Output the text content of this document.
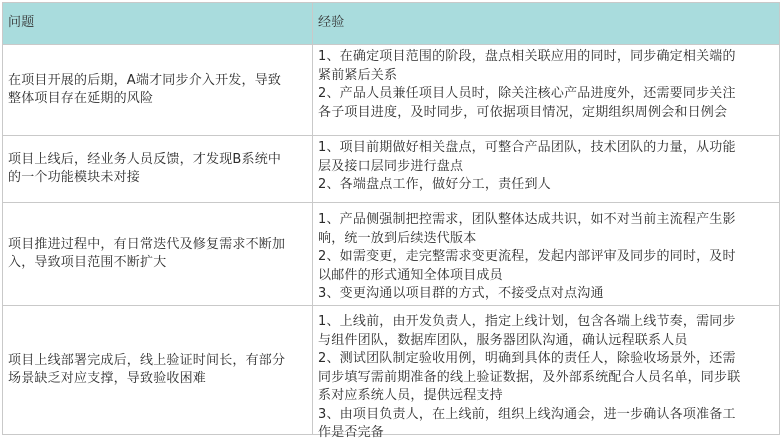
问题	经验
在项目开展的后期，A端才同步介入开发，导致
整体项目存在延期的风险
1、在确定项目范围的阶段，盘点相关联应用的同时，同步确定相关端的
紧前紧后关系
2、产品人员兼任项目人员时，除关注核心产品进度外，还需要同步关注
各子项目进度，及时同步，可依据项目情况，定期组织周例会和日例会
项目上线后，经业务人员反馈，才发现B系统中
的一个功能模块未对接
1、项目前期做好相关盘点，可整合产品团队，技术团队的力量，从功能
层及接口层同步进行盘点
2、各端盘点工作，做好分工，责任到人
项目推进过程中，有日常迭代及修复需求不断加
入，导致项目范围不断扩大
1、产品侧强制把控需求，团队整体达成共识，如不对当前主流程产生影
响，统一放到后续迭代版本
2、如需变更，走完整需求变更流程，发起内部评审及同步的同时，及时
以邮件的形式通知全体项目成员
3、变更沟通以项目群的方式，不接受点对点沟通
项目上线部署完成后，线上验证时间长，有部分
场景缺乏对应支撑，导致验收困难
1、上线前，由开发负责人，指定上线计划，包含各端上线节奏，需同步
与组件团队，数据库团队，服务器团队沟通，确认远程联系人员
2、测试团队制定验收用例，明确到具体的责任人，除验收场景外，还需
同步填写需前期准备的线上验证数据，及外部系统配合人员名单，同步联
系对应系统人员，提供远程支持
3、由项目负责人，在上线前，组织上线沟通会，进一步确认各项准备工
作是否完备
